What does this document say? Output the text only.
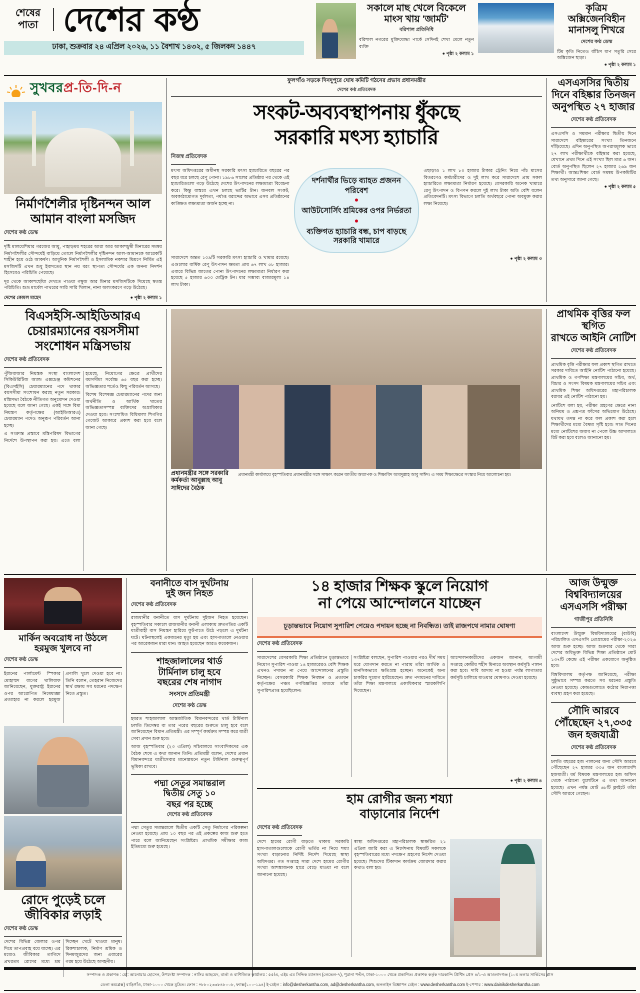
শেষের
পাতা দেশের কণ্ঠ
ঢাকা, শুক্রবার ২৪ এপ্রিল ২০২৬, ১১ বৈশাখ ১৪৩২, ৫ জিলকদ ১৪৪৭
সকালে মাছ খেলে বিকেলে মাংস খায় 'জার্মট'
বরিশাল প্রতিনিধি
বরিশাল নগরের মুক্তিযোদ্ধা পার্কে সেদিনই শেখা মেলে নতুন ব্যক্তি
● পৃষ্ঠা ২ কলাম ১
কৃত্রিম অক্সিজেনবিহীন মানাসলু শিখরে
দেশের কণ্ঠ ডেস্ক
টিম কৃতি নিতেও বাঁচিস ধাপ সতুরি সেরে অক্সিজেন ছাড়া।
● পৃষ্ঠা ২ কলাম ১
সুখবরপ্র-তি-দি-ন
নির্মাণশৈলীর দৃষ্টিনন্দন আল আমান বাংলা মসজিদ
দেশের কণ্ঠ ডেস্ক

দৃষ্টি মালয়েশিয়ার গরজের আয়ু, পাহাড়ময় শহরের আরা আর আকাশচুম্বী মিনারের সমন্বয় নির্মাণশৈলীর সৌন্দর্যেই বাড়িয়ে তোলে নির্মাণশৈলীর দৃষ্টিনন্দন আল-আমানকে আরেকটি শাহীন হয়ে ওঠে আকর্ষণ। আধুনিক নির্মাণশৈলী ও ইসলামিক নকশার মিশ্রণে নির্মিত এই মসজিদটি এখন শুধু ইবাদতের স্থান নয় বরং স্থাপত্য সৌন্দর্যের এক অনন্য নিদর্শন হিসেবেও পরিচিতি পেয়েছে।

দূর থেকে আকাশছোঁয়া দেখতে পাওয়া গম্বুজ আর মিনার মসজিদটিকে দিয়েছে স্বতন্ত্র পরিচিতি। শুভ্র মার্বেল পাথরের সারি সারি খিলান, নানা অলংকরণে গড়ে উঠেছে।

দেশের কোমল মাহেদ	● পৃষ্ঠা ২ কলাম ১
ফুলগাঁও সড়কে দিনদুপুরে ঘোষ কমিটি গঠনের প্রভাব প্রধানমন্ত্রীর
দেশের কণ্ঠ প্রতিবেদক
সংকট-অব্যবস্থাপনায় ধুঁকছে
সরকারি মৎস্য হ্যাচারি
নিজস্ব প্রতিবেদক
মৎস্য অধিদপ্তরের অধীনস্থ সরকারি মৎস্য হ্যাচারিতে বছরের পর বছর ধরে চলছে রেণু পোনা। ১৯৮৬ সালের প্রতিষ্ঠার পর থেকে এই হ্যাচারিগুলো গড়ে উঠেছে দেশের উৎপাদনের লক্ষ্যমাত্রা বিবেচনা করে। কিন্তু বাস্তবে এখন চলছে ভাটির টান। জনবল সংকট, অবকাঠামোগত দুর্বলতা, পর্যাপ্ত বরাদ্দের অভাবে এসব প্রতিষ্ঠানের কাঙ্ক্ষিত লক্ষ্যমাত্রা অর্জন হচ্ছে না।
দর্শনার্থীর ভিড়ে ব্যাহত প্রজনন পরিবেশ
●
আউটসোর্সিং শ্রমিকের ওপর নির্ভরতা
●
ব্যক্তিগত হ্যাচারি বন্ধ, চাপ বাড়ছে সরকারি খামারে
এছাড়াও ১ লাখ ৮০ হাজার টাকার ট্রেনিং নিয়ে পাঁচ মাসের বিতরণেও কর্মচারীদের ও দুই লাখ করে সারাদেশে প্রায় সকল হ্যাচারিতে লক্ষ্যমাত্রা নির্ধারণ হয়েছে। বেসরকারি অনেক খামারে রেণু উৎপাদন ও বিপণন করলে দুই লাখ টাকা অতি বেশি বলেন প্রতিবেদনটি। মৎস্য বিভাগে চলতি অর্থবছরে পোনা অবমুক্ত করার লক্ষ্য নিয়েছে।
সারাদেশে অন্তত ১০৯টি সরকারি মৎস্য হ্যাচারি ও খামার রয়েছে। এগুলোর বার্ষিক রেণু উৎপাদন ক্ষমতা প্রায় ৬৭ লাখ ৫৮ হাজার। এবারে বিভিন্ন জাতের পোনা উৎপাদনের লক্ষ্যমাত্রা নির্ধারণ করা হয়েছে ৫ হাজার ৬০০ মেট্রিক টন। যার সম্ভাব্য বাজারমূল্য ১৪ লাখ টাকা।
● পৃষ্ঠা ২ কলাম ৩
এসএসসির দ্বিতীয় দিনে বহিষ্কার তিনজন অনুপস্থিত ২৭ হাজার
দেশের কণ্ঠ প্রতিবেদক
এসএসসি ও সমমান পরীক্ষার দ্বিতীয় দিনে সারাদেশে বহিষ্কারের সংখ্যা তিনজনে দাঁড়িয়েছে। এদিন অনুপস্থিত অপরাধমূলক ভাবে ২৭ লাখ পরীক্ষার্থীকে বহিষ্কার করা হয়েছে, যেখানে প্রথম দিনে এই সংখ্যা ছিল মাত্র ৬ জন। বোর্ড অনুপস্থিত ছিলেন ২৭ হাজার ২৬৯ জন শিক্ষার্থী। আন্তঃশিক্ষা বোর্ড সমন্বয় উপকমিটির তথ্য অনুসারে জানা গেছে।
● পৃষ্ঠা ২ কলাম ৫
বিএসইসি-আইডিআরএ
চেয়ারম্যানের বয়সসীমা
সংশোধন মন্ত্রিসভায়
দেশের কণ্ঠ প্রতিবেদক

পুঁজিবাজার নিয়ন্ত্রক সংস্থা বাংলাদেশ সিকিউরিটিজ অ্যান্ড এক্সচেঞ্জ কমিশনের (বিএসইসি) চেয়ারম্যানের পদে থাকার বয়সসীমা সংশোধন করছে নতুন সরকার। মন্ত্রিসভা বৈঠকে নীতিগত অনুমোদন দেওয়া হয়েছে বলে জানা গেছে। একই সঙ্গে বিমা নিয়ন্ত্রণ কর্তৃপক্ষের (আইডিআরএ) চেয়ারম্যান পদেও অনুরূপ পরিবর্তন আনা হচ্ছে।

এ সংক্রান্ত প্রস্তাবে মন্ত্রিপরিষদ বিভাগের নির্দেশে উপস্থাপন করা হয়। এতে বলা হয়েছে, নিয়োগের ক্ষেত্রে প্রার্থীদের বয়সসীমা সর্বোচ্চ ৬৫ বছর করা হচ্ছে। অভিজ্ঞতার শর্তেও কিছু পরিবর্তন আসছে।

বিশেষ বিশেষজ্ঞ চেয়ারম্যানের পদের জন্য অর্থনীতি ও আর্থিক খাতের অভিজ্ঞতাসম্পন্ন ব্যক্তিদের অগ্রাধিকার দেওয়া হবে। সংশোধিত বিধিমালা শিগগির গেজেট আকারে প্রকাশ করা হবে বলে জানা গেছে।

প্রধানমন্ত্রীর সঙ্গে সরকারি কর্মকর্তা আবুল্লাহ আবু সাঈদের বৈঠক
প্রধানমন্ত্রী কার্যালয়ে বৃহস্পতিবার প্রধানমন্ত্রীর সঙ্গে সাক্ষাৎ করেন জাতীয় অধ্যাপক ও শিক্ষাবিদ আবদুল্লাহ আবু সাঈদ। এ সময় শিক্ষাক্ষেত্রে সংস্কার নিয়ে আলোচনা হয়।
প্রাথমিক বৃত্তির ফল স্থগিত
রাখতে আইনি নোটিশ
দেশের কণ্ঠ প্রতিবেদক

প্রাথমিক বৃত্তি পরীক্ষার ফল প্রকাশ স্থগিত রাখতে সরকার দাবিতে আইনি নোটিশ পাঠানো হয়েছে। প্রাথমিক ও গণশিক্ষা মন্ত্রণালয়ের সচিব, অর্থ, বিচার ও সংসদ বিষয়ক মন্ত্রণালয়ের সচিব এবং প্রাথমিক শিক্ষা অধিদপ্তরের মহাপরিচালক বরাবর এই নোটিশ পাঠানো হয়।

নোটিশে বলা হয়, পরীক্ষা গ্রহণের ক্ষেত্রে নানা অনিয়ম ও প্রশ্নপত্র ফাঁসের অভিযোগ উঠেছে। যথাযথ তদন্ত না করে ফল প্রকাশ করা হলে শিক্ষার্থীদের মধ্যে বৈষম্য সৃষ্টি হবে। সাত দিনের মধ্যে নোটিশের জবাব না পেলে উচ্চ আদালতে রিট করা হবে বলেও জানানো হয়।

মার্কিন অবরোধ না উঠলে
হরমুজ খুলবে না
দেশের কণ্ঠ ডেস্ক
ইরানের পার্লামেন্ট স্পিকার মোহাম্মদ বাগের ঘালিবাফ জানিয়েছেন, যুক্তরাষ্ট্র ইরানের ওপর আরোপিত নিষেধাজ্ঞা প্রত্যাহার না করলে হরমুজ প্রণালি খুলে দেওয়া হবে না। তিনি বলেন, তেহরান নিজেদের স্বার্থ রক্ষায় সব ধরনের পদক্ষেপ নিতে প্রস্তুত।
রোদে পুড়েই চলে
জীবিকার লড়াই
দেশের কণ্ঠ ডেস্ক
দেশের বিভিন্ন জেলার ওপর দিয়ে তাপপ্রবাহ বয়ে যাচ্ছে। এর মধ্যেও জীবিকার তাগিদে প্রখরতম রোদের মধ্যে শ্রম দিচ্ছেন খেটে খাওয়া মানুষ। রিকশাচালক, নির্মাণ শ্রমিক ও দিনমজুরদের জন্য এবারের গরম হয়ে উঠেছে অসহনীয়।
বনানীতে বাস দুর্ঘটনায়
দুই জন নিহত
দেশের কণ্ঠ প্রতিবেদক
রাজধানীর বনানীতে বাস দুর্ঘটনায় দুইজন নিহত হয়েছেন। বৃহস্পতিবার সকালে রাজধানীর বনানী এলাকায় দ্রুতগতির একটি যাত্রীবাহী বাস নিয়ন্ত্রণ হারিয়ে ফুটপাতে উঠে পড়লে এ দুর্ঘটনা ঘটে। ঘটনাস্থলেই একজনের মৃত্যু হয় এবং হাসপাতালে নেওয়ার পর আরেকজন মারা যান। আহত হয়েছেন আরও কয়েকজন।
শাহজালালের থার্ড
টার্মিনাল চালু হবে
বছরের শেষ নাগাদ
সংসদে প্রতিমন্ত্রী
দেশের কণ্ঠ ডেস্ক

হযরত শাহজালাল আন্তর্জাতিক বিমানবন্দরের থার্ড টার্মিনাল চলতি ডিসেম্বর বা তার পরের বছরের শুরুতে চালু হবে বলে জানিয়েছেন বিমান প্রতিমন্ত্রী। এর সম্পূর্ণ কার্যক্রম সম্পন্ন করে যাত্রী সেবা প্রদান শুরু হবে।

আজ বৃহস্পতিবার (২৩ এপ্রিল) সচিবালয়ে সাংবাদিকদের এক বৈঠক শেষে এ কথা জানান তিনি। প্রতিমন্ত্রী বলেন, দেশের প্রধান বিমানবন্দরে যাত্রীসেবার মানোন্নয়নে নতুন টার্মিনাল গুরুত্বপূর্ণ ভূমিকা রাখবে।

পদ্মা সেতুর সমান্তরাল
দ্বিতীয় সেতু ১০
বছর পর হচ্ছে
দেশের কণ্ঠ প্রতিবেদক
পদ্মা সেতুর সমান্তরালে দ্বিতীয় একটি সেতু নির্মাণের পরিকল্পনা নেওয়া হয়েছে। প্রায় ১০ বছর পর এই প্রকল্পের কাজ শুরু হতে পারে বলে জানিয়েছেন সংশ্লিষ্টরা। প্রাথমিক সমীক্ষার কাজ ইতিমধ্যে শুরু হয়েছে।
১৪ হাজার শিক্ষক স্কুলে নিয়োগ
না পেয়ে আন্দোলনে যাচ্ছেন
চূড়ান্তভাবে নিয়োগ সুপারিশ পেয়েও পদায়ন হচ্ছে না নিবন্ধিত। তাই রাজপথে নামার ঘোষণা
দেশের কণ্ঠ প্রতিবেদক

সারাদেশের বেসরকারি শিক্ষা প্রতিষ্ঠানে চূড়ান্তভাবে নিয়োগ সুপারিশ পাওয়া ১৪ হাজারেরও বেশি শিক্ষক এখনও পদায়ন না পেয়ে আন্দোলনের প্রস্তুতি নিচ্ছেন। বেসরকারি শিক্ষক নিবন্ধন ও প্রত্যয়ন কর্তৃপক্ষের পঞ্চম গণবিজ্ঞপ্তির মাধ্যমে তাঁরা সুপারিশপ্রাপ্ত হয়েছিলেন।

সংশ্লিষ্টরা বলছেন, সুপারিশ পাওয়ার পরও দীর্ঘ সময় ধরে যোগদান করতে না পারায় তাঁরা আর্থিক ও মানসিকভাবে ক্ষতিগ্রস্ত হচ্ছেন। অনেকেই অন্য চাকরির সুযোগ হারিয়েছেন। দ্রুত পদায়নের দাবিতে তাঁরা শিক্ষা মন্ত্রণালয়ে একাধিকবার স্মারকলিপি দিয়েছেন।

আন্দোলনকারীদের একজন জানান, আগামী সপ্তাহে কেন্দ্রীয় শহীদ মিনারে অবস্থান কর্মসূচি পালন করা হবে। দাবি আদায় না হওয়া পর্যন্ত লাগাতার কর্মসূচি চালিয়ে যাওয়ার ঘোষণাও দেওয়া হয়েছে।

● পৃষ্ঠা ২ কলাম ৪
হাম রোগীর জন্য শয্যা
বাড়ানোর নির্দেশ
দেশের কণ্ঠ প্রতিবেদক

দেশে হামের রোগী বাড়তে থাকায় সরকারি হাসপাতালগুলোকে রোগী ভর্তির না নিয়ে শয্যা সংখ্যা বাড়ানোর নির্দিষ্ট নির্দেশ দিয়েছে স্বাস্থ্য অধিদপ্তর। গত সপ্তাহে সারা দেশে হামের রোগীর সংখ্যা আশঙ্কাজনক হারে বেড়ে যাওয়া না বলে জানানো হয়েছে।

স্বাস্থ্য অধিদপ্তরের মহাপরিচালক স্বাক্ষরিত ২১ এপ্রিল জারি করা এ নির্দেশনায় বিষয়টি সকলকে বৃহস্পতিবারের মধ্যে পদক্ষেপ গ্রহণের নির্দেশ দেওয়া হয়েছে। শিশুদের টিকাদান কার্যক্রম জোরদার করার কথাও বলা হয়।

আজ উন্মুক্ত
বিশ্ববিদ্যালয়ের
এসএসসি পরীক্ষা
গাজীপুর প্রতিনিধি

বাংলাদেশ উন্মুক্ত বিশ্ববিদ্যালয়ের (বাউবি) পরিচালিত এসএসসি প্রোগ্রামের পরীক্ষা-২০২৬ আজ শুরু হচ্ছে। আজ শুক্রবার থেকে সারা দেশের অধিভুক্ত বিভিন্ন শিক্ষা প্রতিষ্ঠানে মোট ১৩৭টি কেন্দ্রে এই পরীক্ষা একযোগে অনুষ্ঠিত হবে।

বিশ্ববিদ্যালয় কর্তৃপক্ষ জানিয়েছে, পরীক্ষা সুষ্ঠুভাবে সম্পন্ন করতে সব ধরনের প্রস্তুতি নেওয়া হয়েছে। কেন্দ্রগুলোতে কঠোর নিরাপত্তা ব্যবস্থা গ্রহণ করা হয়েছে।

সৌদি আরবে
পৌঁছেছেন ২৭,৩৩৫
জন হজযাত্রী
দেশের কণ্ঠ প্রতিবেদক
চলতি বছরের হজ পালনের জন্য সৌদি আরবে পৌঁছেছেন ২৭ হাজার ৩৩৫ জন বাংলাদেশি হজযাত্রী। ধর্ম বিষয়ক মন্ত্রণালয়ের হজ অফিস থেকে পাঠানো বুলেটিনে এ তথ্য জানানো হয়েছে। এখন পর্যন্ত মোট ৬৮টি ফ্লাইটে তাঁরা সৌদি আরবে গেছেন।
সম্পাদক ও প্রকাশক : মো: আনোয়ার হোসেন, উপদেষ্টা সম্পাদক : নাসির আহমেদ, বার্তা ও বাণিজ্যিক কার্যালয় : ৫৫/এ, এইচ এম সিদ্দিক ম্যানসন (লেভেল-৭), পুরানা পল্টন, ঢাকা-১০০০ থেকে প্রকাশিত। প্রকাশক কর্তৃক দারকান্দি প্রিন্টিং প্রেস ৪/১-এ আওলাদগঞ্জ (১০ম তলার সার্ভিসের প্লাস
ডেলা কমপ্লেক্স) বাড়িগাঁও, ঢাকা-১০০০ থেকে মুদ্রিত। ফোন : +৮৮০২৩৩৮৪৮০০৮, ফ্যাক্স(১০০-১৯৪) ই-মেইল : info@desherkantha.com, ad@desherkantha.com, অনলাইন বিজ্ঞাপন মেইল : www.desherkantha.com ই-পেপার : www.dainikdesherkantha.com
